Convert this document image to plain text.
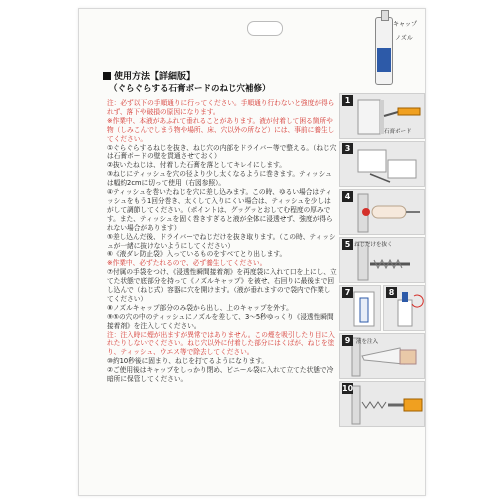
キャップ
ノズル
使用方法【詳細版】
（ぐらぐらする石膏ボードのねじ穴補修）

注：必ず以下の手順通りに行ってください。手順通り行わないと強度が得られず、落下や破損の原因になります。

※作業中、本液があふれて垂れることがあります。液が付着して困る箇所や物（しみこんでしまう物や場所、床、穴以外の所など）には、事前に養生してください。

①ぐらぐらするねじを抜き、ねじ穴の内部をドライバー等で整える。（ねじ穴は石膏ボードの壁を貫通させておく）

②抜いたねじは、付着した石膏を落としてキレイにします。

③ねじにティッシュを穴の径より少し太くなるように巻きます。ティッシュは幅約2cmに切って使用（右図参照）。

④ティッシュを巻いたねじを穴に差し込みます。この時、ゆるい場合はティッシュをもう1回分巻き、太くして入りにくい場合は、ティッシュを少しはがして調節してください。（ポイントは、グッグッとおしてむ程度の厚みです。また、ティッシュを固く巻きすぎると液が全体に浸透せず、強度が得られない場合があります）

⑤差し込んだ後、ドライバーでねじだけを抜き取ります。（この時、ティッシュが一緒に抜けないようにしてください）

⑥《液ダレ防止袋》入っているものをすべてとり出します。

※作業中、必ずたれるので、必ず養生してください。

⑦付属の手袋をつけ、《浸透性瞬間接着剤》を再度袋に入れて口を上にし、立てた状態で底部分を持って《ノズルキャップ》を被せ、右回りに最後まで回し込んで（ねじ式）容器に穴を開けます。（液が垂れますので袋内で作業してください）

⑧ノズルキャップ部分のみ袋から出し、上のキャップを外す。

⑨⑤の穴の中のティッシュにノズルを差して、3～5秒ゆっくり《浸透性瞬間接着剤》を注入してください。

注：注入時に煙が出ますが異常ではありません。この煙を吸引したり目に入れたりしないでください。ねじ穴以外に付着した部分にはくばが、ねじを塗り、ティッシュ、ウエス等で除去してください。

⑩約10秒後に固まり、ねじを打てるようになります。

②ご使用後はキャップをしっかり閉め、ビニール袋に入れて立てた状態で冷暗所に保管してください。

1
石膏ボード
3
4
5 ねじだけを抜く
7	8
9	液を注入
10
